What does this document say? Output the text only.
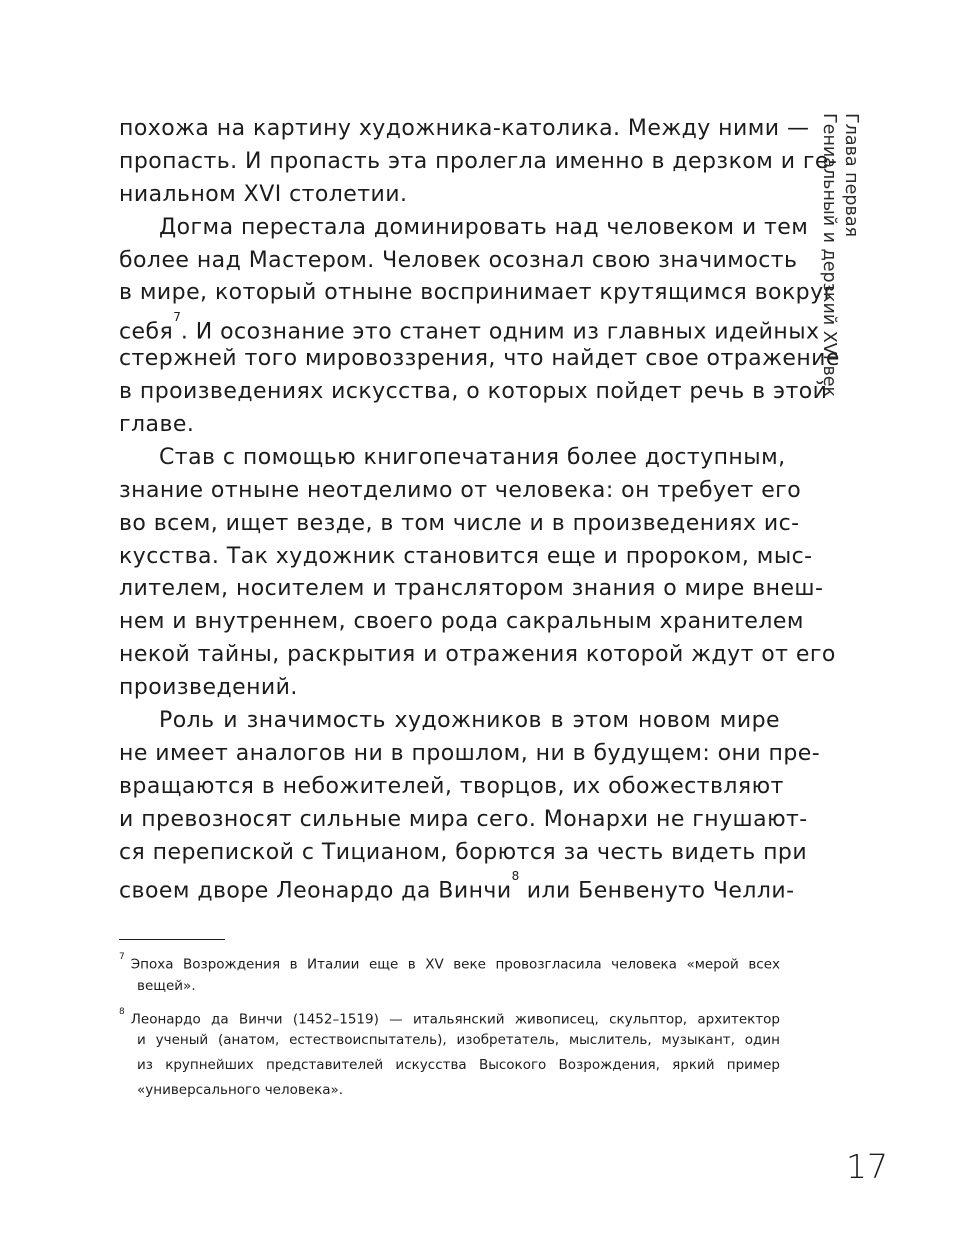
похожа на картину художника-католика. Между ними —
пропасть. И пропасть эта пролегла именно в дерзком и ге-
ниальном XVI столетии.
Догма перестала доминировать над человеком и тем
более над Мастером. Человек осознал свою значимость
в мире, который отныне воспринимает крутящимся вокруг
себя$^7$. И осознание это станет одним из главных идейных
стержней того мировоззрения, что найдет свое отражение
в произведениях искусства, о которых пойдет речь в этой
главе.
Став с помощью книгопечатания более доступным,
знание отныне неотделимо от человека: он требует его
во всем, ищет везде, в том числе и в произведениях ис-
кусства. Так художник становится еще и пророком, мыс-
лителем, носителем и транслятором знания о мире внеш-
нем и внутреннем, своего рода сакральным хранителем
некой тайны, раскрытия и отражения которой ждут от его
произведений.
Роль и значимость художников в этом новом мире
не имеет аналогов ни в прошлом, ни в будущем: они пре-
вращаются в небожителей, творцов, их обожествляют
и превозносят сильные мира сего. Монархи не гнушают-
ся перепиской с Тицианом, борются за честь видеть при
своем дворе Леонардо да Винчи$^8$ или Бенвенуто Челли-
$^7$ Эпоха Возрождения в Италии еще в XV веке провозгласила человека «мерой всех
вещей».
$^8$ Леонардо да Винчи (1452–1519) — итальянский живописец, скульптор, архитектор
и ученый (анатом, естествоиспытатель), изобретатель, мыслитель, музыкант, один
из крупнейших представителей искусства Высокого Возрождения, яркий пример
«универсального человека».
Глава первая
Гениальный и дерзкий XVI век
17
